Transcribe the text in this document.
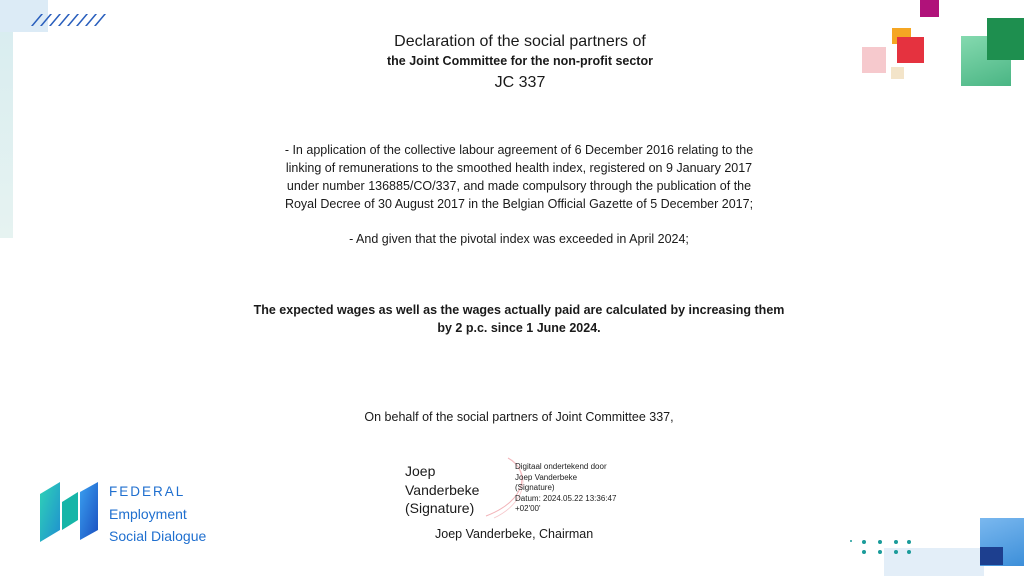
Declaration of the social partners of
the Joint Committee for the non-profit sector
JC 337
- In application of the collective labour agreement of 6 December 2016 relating to the
linking of remunerations to the smoothed health index, registered on 9 January 2017
under number 136885/CO/337, and made compulsory through the publication of the
Royal Decree of 30 August 2017 in the Belgian Official Gazette of 5 December 2017;
- And given that the pivotal index was exceeded in April 2024;
The expected wages as well as the wages actually paid are calculated by increasing them
by 2 p.c. since 1 June 2024.
On behalf of the social partners of Joint Committee 337,
Joep
Vanderbeke
(Signature)
Digitaal ondertekend door
Joep Vanderbeke
(Signature)
Datum: 2024.05.22 13:36:47
+02'00'
Joep Vanderbeke, Chairman
FEDERAL
Employment
Social Dialogue
